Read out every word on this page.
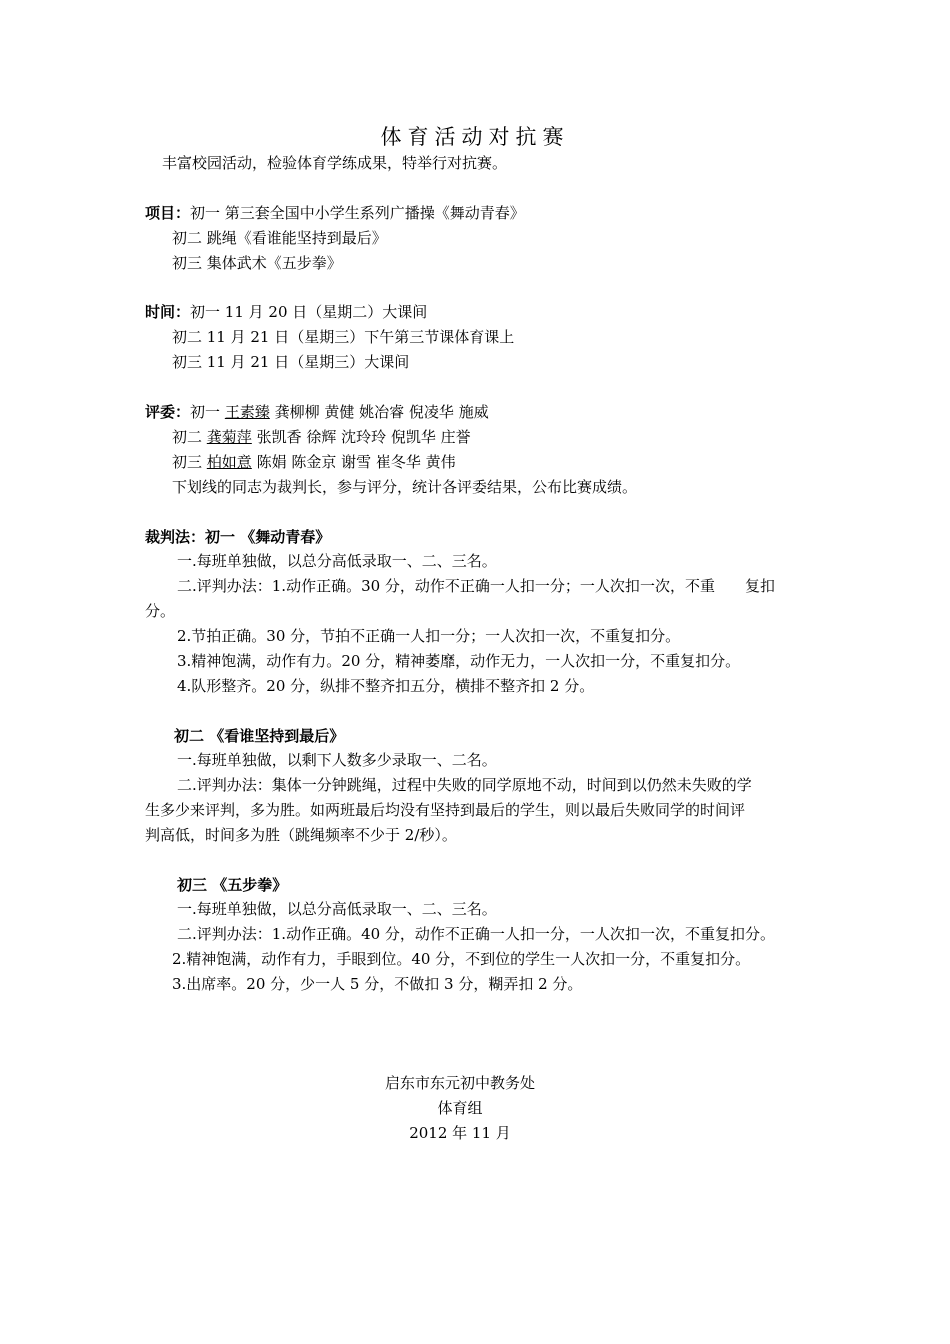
体育活动对抗赛
丰富校园活动，检验体育学练成果，特举行对抗赛。
项目：初一 第三套全国中小学生系列广播操《舞动青春》
初二 跳绳《看谁能坚持到最后》
初三 集体武术《五步拳》
时间：初一 11 月 20 日（星期二）大课间
初二 11 月 21 日（星期三）下午第三节课体育课上
初三 11 月 21 日（星期三）大课间
评委：初一 王素臻 龚柳柳 黄健 姚冶睿 倪凌华 施威
初二 龚菊萍 张凯香 徐辉 沈玲玲 倪凯华 庄誉
初三 柏如意 陈娟 陈金京 谢雪 崔冬华 黄伟
下划线的同志为裁判长，参与评分，统计各评委结果，公布比赛成绩。
裁判法：初一 《舞动青春》
一.每班单独做，以总分高低录取一、二、三名。
二.评判办法：1.动作正确。30 分，动作不正确一人扣一分；一人次扣一次，不重　　复扣
分。
2.节拍正确。30 分，节拍不正确一人扣一分；一人次扣一次，不重复扣分。
3.精神饱满，动作有力。20 分，精神萎靡，动作无力，一人次扣一分，不重复扣分。
4.队形整齐。20 分，纵排不整齐扣五分，横排不整齐扣 2 分。
初二 《看谁坚持到最后》
一.每班单独做，以剩下人数多少录取一、二名。
二.评判办法：集体一分钟跳绳，过程中失败的同学原地不动，时间到以仍然未失败的学
生多少来评判，多为胜。如两班最后均没有坚持到最后的学生，则以最后失败同学的时间评
判高低，时间多为胜（跳绳频率不少于 2/秒）。
初三 《五步拳》
一.每班单独做，以总分高低录取一、二、三名。
二.评判办法：1.动作正确。40 分，动作不正确一人扣一分，一人次扣一次，不重复扣分。
2.精神饱满，动作有力，手眼到位。40 分，不到位的学生一人次扣一分，不重复扣分。
3.出席率。20 分，少一人 5 分，不做扣 3 分，糊弄扣 2 分。
启东市东元初中教务处
体育组
2012 年 11 月
